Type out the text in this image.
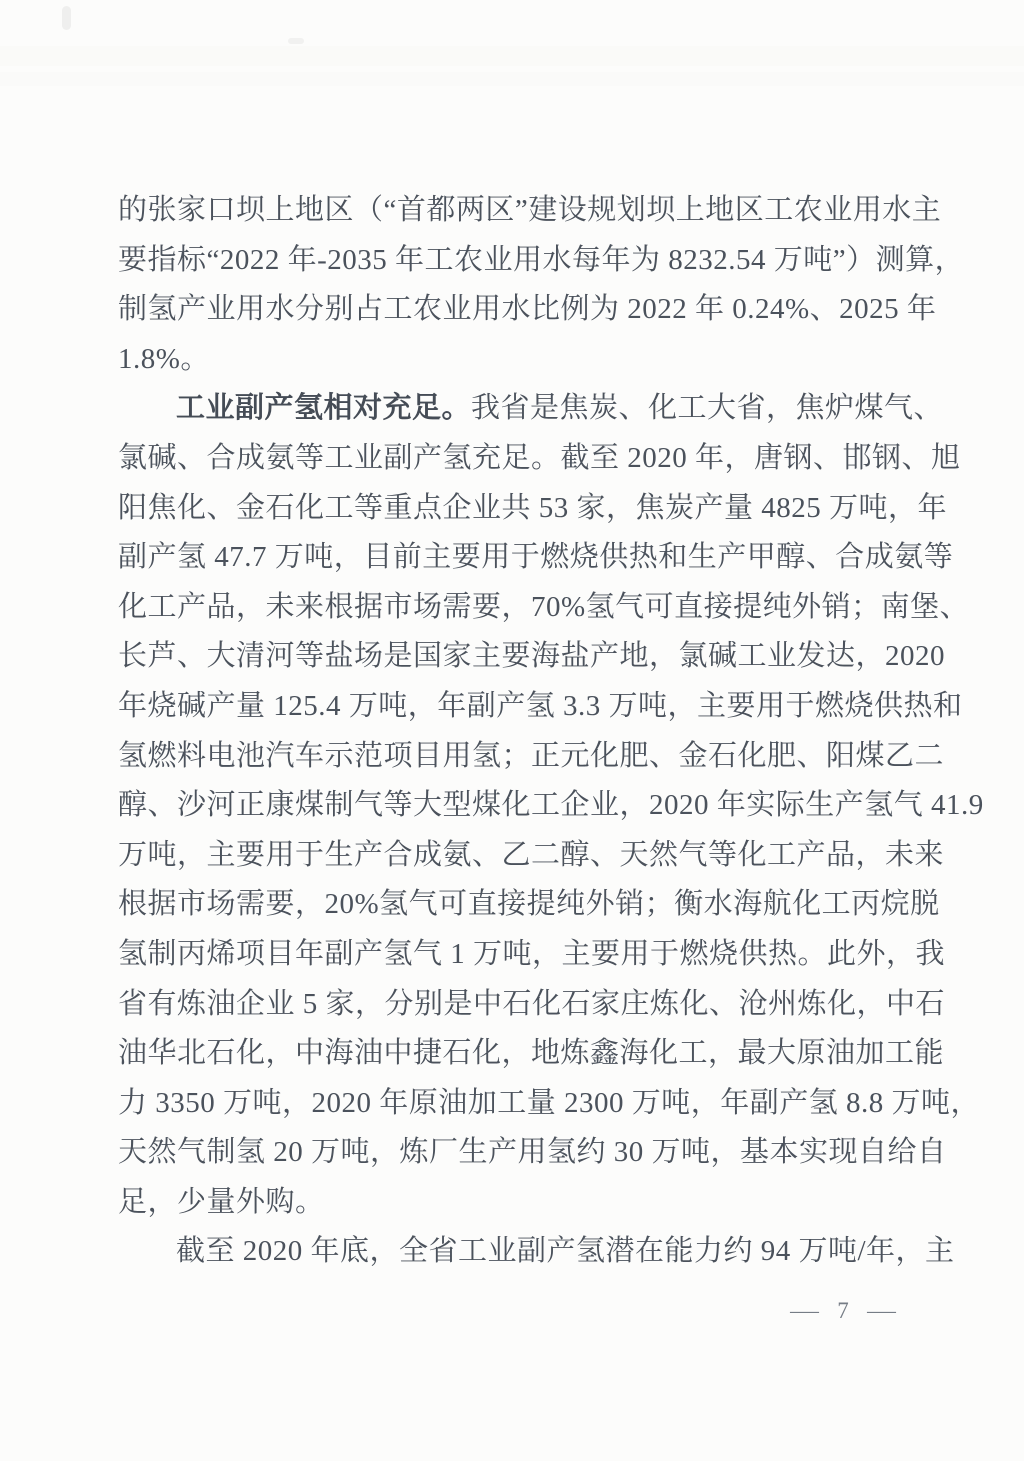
的张家口坝上地区（“首都两区”建设规划坝上地区工农业用水主
要指标“2022 年-2035 年工农业用水每年为 8232.54 万吨”）测算，
制氢产业用水分别占工农业用水比例为 2022 年 0.24%、2025 年
1.8%。
工业副产氢相对充足。我省是焦炭、化工大省，焦炉煤气、
氯碱、合成氨等工业副产氢充足。截至 2020 年，唐钢、邯钢、旭
阳焦化、金石化工等重点企业共 53 家，焦炭产量 4825 万吨，年
副产氢 47.7 万吨，目前主要用于燃烧供热和生产甲醇、合成氨等
化工产品，未来根据市场需要，70%氢气可直接提纯外销；南堡、
长芦、大清河等盐场是国家主要海盐产地，氯碱工业发达，2020
年烧碱产量 125.4 万吨，年副产氢 3.3 万吨，主要用于燃烧供热和
氢燃料电池汽车示范项目用氢；正元化肥、金石化肥、阳煤乙二
醇、沙河正康煤制气等大型煤化工企业，2020 年实际生产氢气 41.9
万吨，主要用于生产合成氨、乙二醇、天然气等化工产品，未来
根据市场需要，20%氢气可直接提纯外销；衡水海航化工丙烷脱
氢制丙烯项目年副产氢气 1 万吨，主要用于燃烧供热。此外，我
省有炼油企业 5 家，分别是中石化石家庄炼化、沧州炼化，中石
油华北石化，中海油中捷石化，地炼鑫海化工，最大原油加工能
力 3350 万吨，2020 年原油加工量 2300 万吨，年副产氢 8.8 万吨，
天然气制氢 20 万吨，炼厂生产用氢约 30 万吨，基本实现自给自
足，少量外购。
截至 2020 年底，全省工业副产氢潜在能力约 94 万吨/年，主
— 7 —
